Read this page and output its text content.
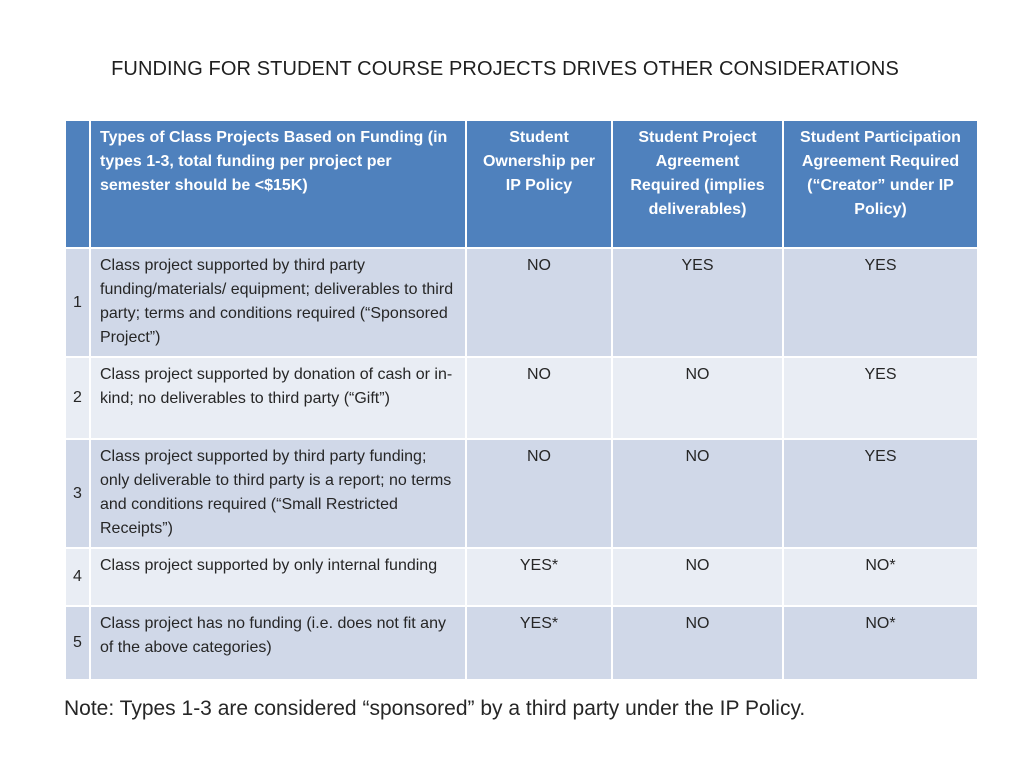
FUNDING FOR STUDENT COURSE PROJECTS DRIVES OTHER CONSIDERATIONS
	Types of Class Projects Based on Funding (in types 1-3, total funding per project per semester should be <$15K)	Student Ownership per IP Policy	Student Project Agreement Required (implies deliverables)	Student Participation Agreement Required (“Creator” under IP Policy)
1	Class project supported by third party funding/materials/ equipment; deliverables to third party; terms and conditions required (“Sponsored Project”)	NO	YES	YES
2	Class project supported by donation of cash or in-kind; no deliverables to third party (“Gift”)	NO	NO	YES
3	Class project supported by third party funding; only deliverable to third party is a report; no terms and conditions required (“Small Restricted Receipts”)	NO	NO	YES
4	Class project supported by only internal funding	YES*	NO	NO*
5	Class project has no funding (i.e. does not fit any of the above categories)	YES*	NO	NO*
Note: Types 1-3 are considered “sponsored” by a third party under the IP Policy.
